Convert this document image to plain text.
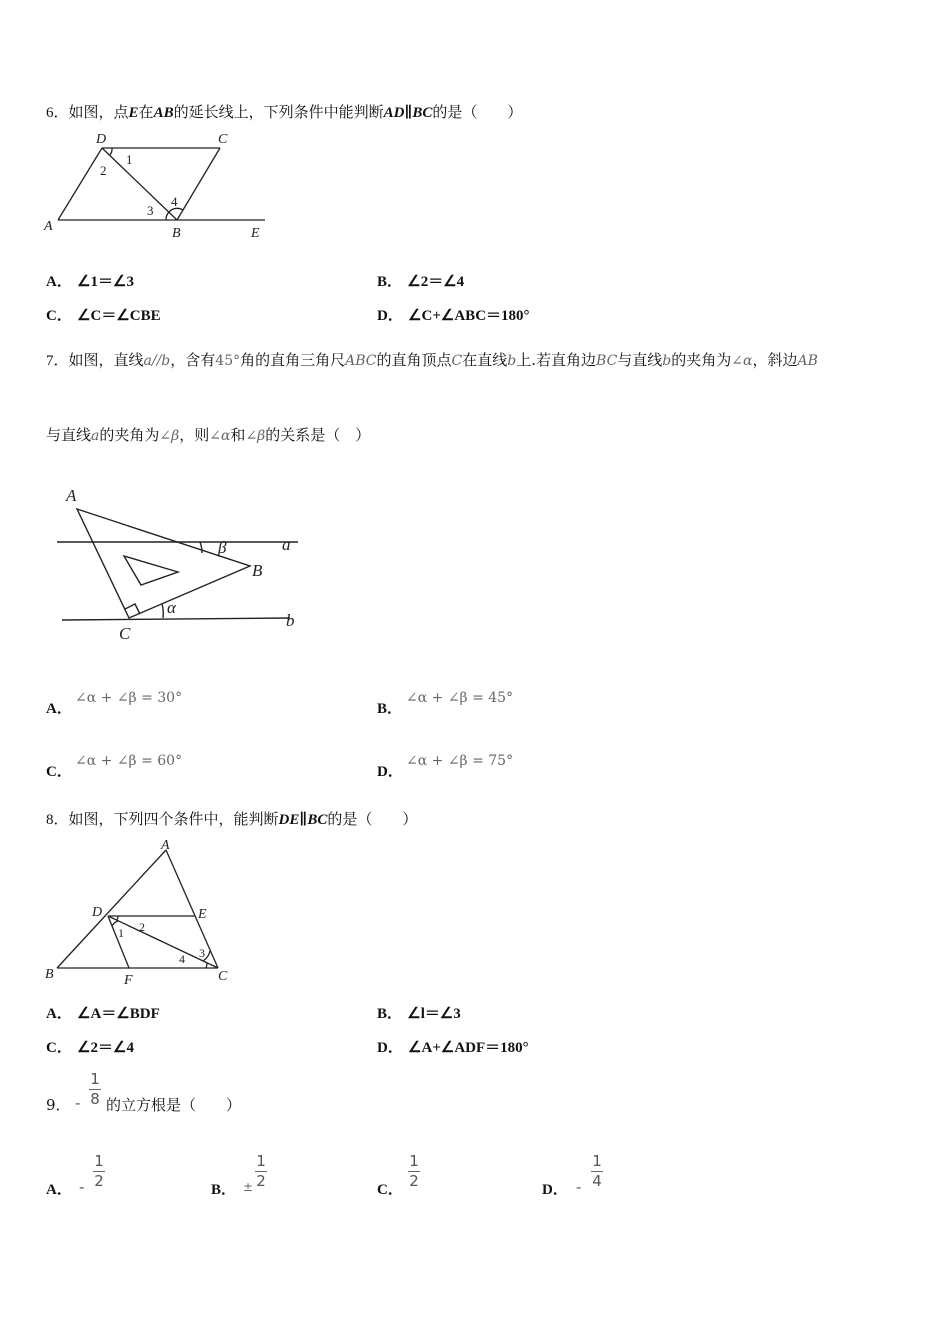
6．如图，点E在AB的延长线上，下列条件中能判断AD∥BC的是（　　）
D	C
A	B	E
1
2
3
4
A． ∠1＝∠3	B． ∠2＝∠4
C． ∠C＝∠CBE	D． ∠C+∠ABC＝180°
7．如图，直线a//b，含有45°角的直角三角尺ABC的直角顶点C在直线b上.若直角边BC与直线b的夹角为∠α，斜边AB
与直线a的夹角为∠β，则∠α和∠β的关系是（　）
A
B
C
a
b
α
β
A．
∠α + ∠β = 30°
B．
∠α + ∠β = 45°
C．
∠α + ∠β = 60°
D．
∠α + ∠β = 75°
8．如图，下列四个条件中，能判断DE∥BC的是（　　）
A
D	E
B	F	C
1 2
3
4
A． ∠A＝∠BDF	B． ∠l＝∠3
C． ∠2＝∠4	D． ∠A+∠ADF＝180°
9． -
1
8 的立方根是（　　）
A． -
1
2	B． ±
1
2	C．
1
2	D． -
1
4
